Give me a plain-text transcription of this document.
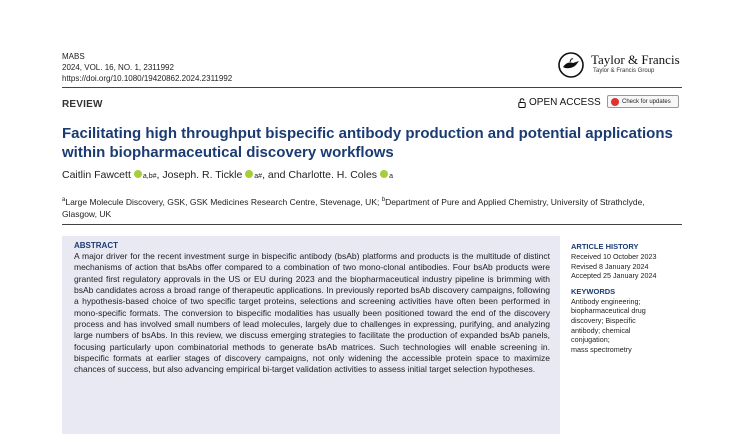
MABS
2024, VOL. 16, NO. 1, 2311992
https://doi.org/10.1080/19420862.2024.2311992
Taylor & Francis
Taylor & Francis Group
REVIEW	OPEN ACCESS	Check for updates
Facilitating high throughput bispecific antibody production and potential applications within biopharmaceutical discovery workflows
Caitlin Fawcett $_{a,b\#}$ , Joseph. R. Tickle $_{a\#}$ , and Charlotte. H. Coles $_a$
$^a$Large Molecule Discovery, GSK, GSK Medicines Research Centre, Stevenage, UK; $^b$Department of Pure and Applied Chemistry, University of Strathclyde, Glasgow, UK
ABSTRACT
A major driver for the recent investment surge in bispecific antibody (bsAb) platforms and products is the multitude of distinct mechanisms of action that bsAbs offer compared to a combination of two mono-clonal antibodies. Four bsAb products were granted first regulatory approvals in the US or EU during 2023 and the biopharmaceutical industry pipeline is brimming with bsAb candidates across a broad range of therapeutic applications. In previously reported bsAb discovery campaigns, following a hypothesis-based choice of two specific target proteins, selections and screening activities have often been performed in mono-specific formats. The conversion to bispecific modalities has usually been positioned toward the end of the discovery process and has involved small numbers of lead molecules, largely due to challenges in expressing, purifying, and analyzing large numbers of bsAbs. In this review, we discuss emerging strategies to facilitate the production of expanded bsAb panels, focusing particularly upon combinatorial methods to generate bsAb matrices. Such technologies will enable screening in. bispecific formats at earlier stages of discovery campaigns, not only widening the accessible protein space to maximize chances of success, but also advancing empirical bi-target validation activities to assess initial target selection hypotheses.
ARTICLE HISTORY
Received 10 October 2023
Revised 8 January 2024
Accepted 25 January 2024
KEYWORDS
Antibody engineering;
biopharmaceutical drug
discovery; Bispecific
antibody; chemical
conjugation;
mass spectrometry
